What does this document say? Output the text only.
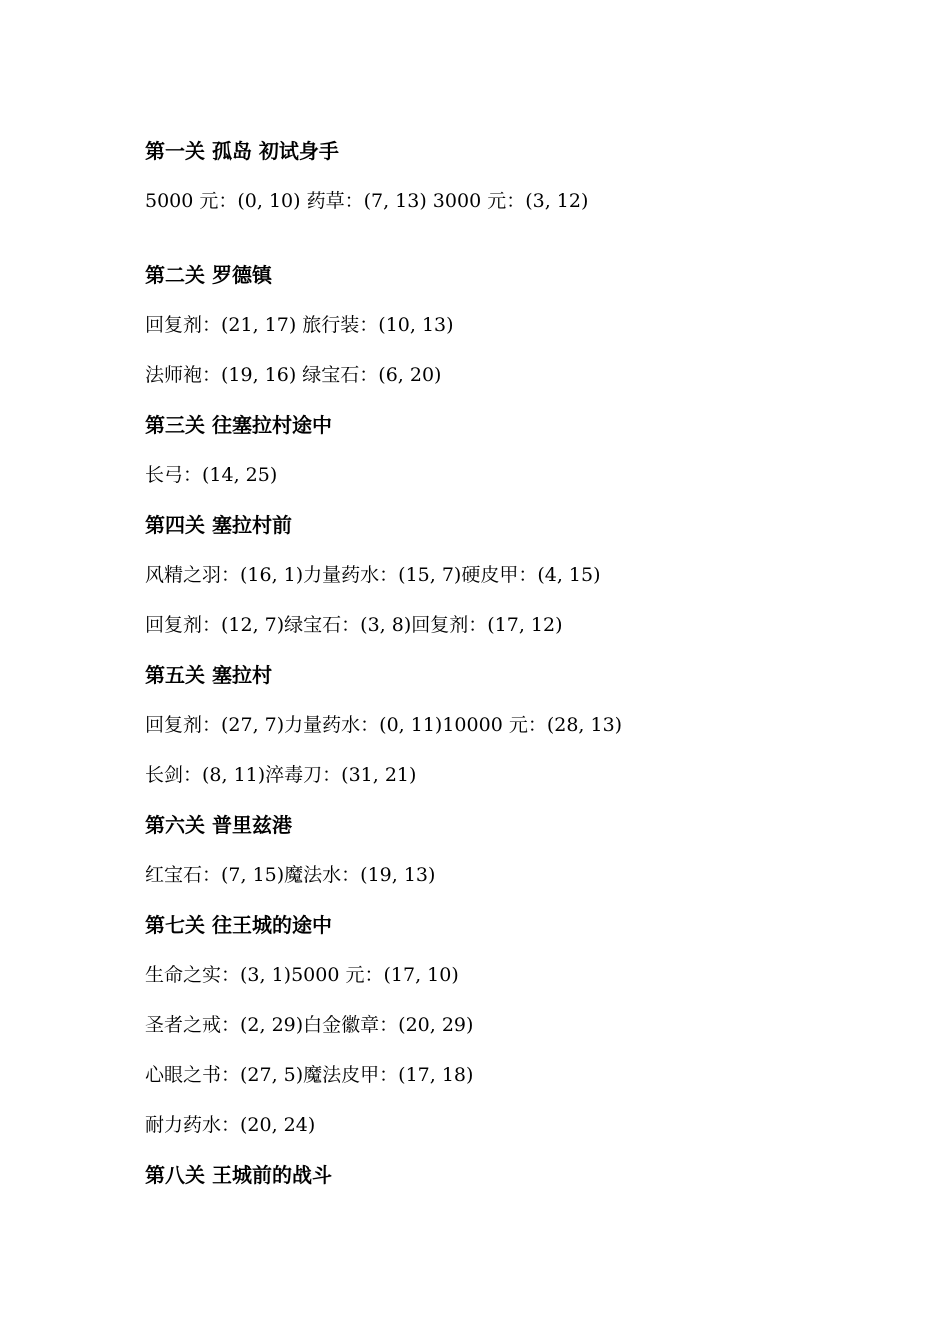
第一关 孤岛 初试身手
5000 元：(0, 10) 药草：(7, 13) 3000 元：(3, 12)
第二关 罗德镇
回复剂：(21, 17) 旅行装：(10, 13)
法师袍：(19, 16) 绿宝石：(6, 20)
第三关 往塞拉村途中
长弓：(14, 25)
第四关 塞拉村前
风精之羽：(16, 1)力量药水：(15, 7)硬皮甲：(4, 15)
回复剂：(12, 7)绿宝石：(3, 8)回复剂：(17, 12)
第五关 塞拉村
回复剂：(27, 7)力量药水：(0, 11)10000 元：(28, 13)
长剑：(8, 11)淬毒刀：(31, 21)
第六关 普里兹港
红宝石：(7, 15)魔法水：(19, 13)
第七关 往王城的途中
生命之实：(3, 1)5000 元：(17, 10)
圣者之戒：(2, 29)白金徽章：(20, 29)
心眼之书：(27, 5)魔法皮甲：(17, 18)
耐力药水：(20, 24)
第八关 王城前的战斗
